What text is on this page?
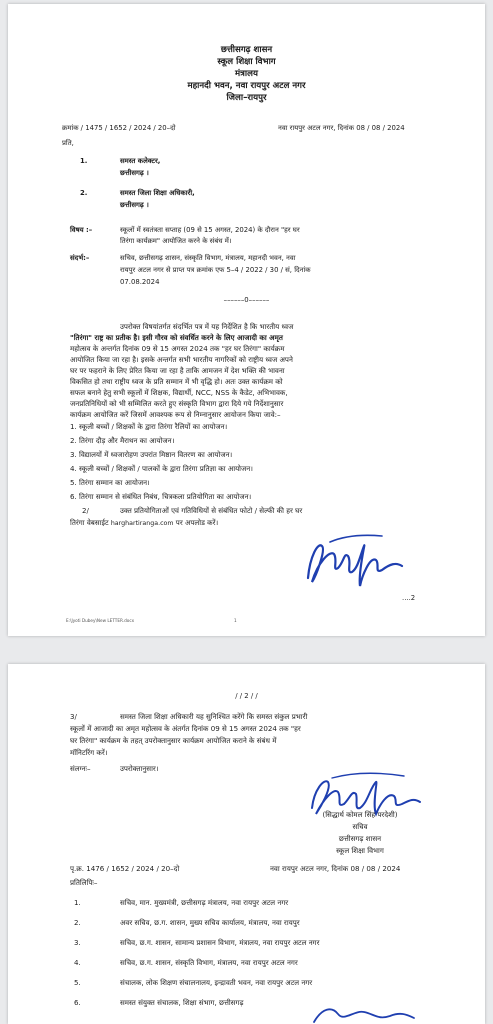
छत्तीसगढ़ शासन
स्कूल शिक्षा विभाग
मंत्रालय
महानदी भवन, नवा रायपुर अटल नगर
जिला–रायपुर
क्रमांक / 1475 / 1652 / 2024 / 20–दो	नवा रायपुर अटल नगर, दिनांक 08 / 08 / 2024
प्रति,
1.	समस्त कलेक्टर,
छत्तीसगढ़ ।
2.	समस्त जिला शिक्षा अधिकारी,
छत्तीसगढ़ ।
विषय :–	स्कूलों में स्वतंत्रता सप्ताह (09 से 15 अगस्त, 2024) के दौरान "हर घर
तिरंगा कार्यक्रम" आयोजित करने के संबंध में।
संदर्भ:–	सचिव, छत्तीसगढ़ शासन, संस्कृति विभाग, मंत्रालय, महानदी भवन, नवा
रायपुर अटल नगर से प्राप्त पत्र क्रमांक एफ 5–4 / 2022 / 30 / सं, दिनांक
07.08.2024
––––––0––––––
उपरोक्त विषयांतर्गत संदर्भित पत्र में यह निर्देशित है कि भारतीय ध्वज
"तिरंगा" राष्ट्र का प्रतीक है। इसी गौरव को संवर्धित करने के लिए आजादी का अमृत
महोत्सव के अन्तर्गत दिनांक 09 से 15 अगस्त 2024 तक "हर घर तिरंगा" कार्यक्रम
आयोजित किया जा रहा है। इसके अन्तर्गत सभी भारतीय नागरिकों को राष्ट्रीय ध्वज अपने
घर पर फहराने के लिए प्रेरित किया जा रहा है ताकि आमजन में देश भक्ति की भावना
विकसित हो तथा राष्ट्रीय ध्वज के प्रति सम्मान में भी वृद्धि हो। अतः उक्त कार्यक्रम को
सफल बनाने हेतु सभी स्कूलों में शिक्षक, विद्यार्थी, NCC, NSS के कैडेट, अभिभावक,
जनप्रतिनिधियों को भी सम्मिलित करते हुए संस्कृति विभाग द्वारा दिये गये निर्देशानुसार
कार्यक्रम आयोजित करें जिसमें आवश्यक रूप से निम्नानुसार आयोजन किया जावे:–
1. स्कूली बच्चों / शिक्षकों के द्वारा तिरंगा रैलियों का आयोजन।
2. तिरंगा दौड़ और मैराथन का आयोजन।
3. विद्यालयों में ध्वजारोहण उपरांत मिष्ठान वितरण का आयोजन।
4. स्कूली बच्चों / शिक्षकों / पालकों के द्वारा तिरंगा प्रतिज्ञा का आयोजन।
5. तिरंगा सम्मान का आयोजन।
6. तिरंगा सम्मान से संबंधित निबंध, चित्रकला प्रतियोगिता का आयोजन।
2/	उक्त प्रतियोगिताओं एवं गतिविधियों से संबंधित फोटो / सेल्फी की हर घर
तिरंगा वेबसाईट harghartiranga.com पर अपलोड करें।
....2
E:\Jyoti Dubey\New LETTER.docx	1
/ / 2 / /
3/	समस्त जिला शिक्षा अधिकारी यह सुनिश्चित करेंगे कि समस्त संकुल प्रभारी
स्कूलों में आजादी का अमृत महोत्सव के अंतर्गत दिनांक 09 से 15 अगस्त 2024 तक "हर
घर तिरंगा" कार्यक्रम के तहत् उपरोक्तानुसार कार्यक्रम आयोजित कराने के संबंध में
मॉनिटरिंग करें।
संलग्नः–	उपरोक्तानुसार।
(सिद्धार्थ कोमल सिंह परदेशी)
सचिव
छत्तीसगढ़ शासन
स्कूल शिक्षा विभाग
पृ.क्र. 1476 / 1652 / 2024 / 20–दो	नवा रायपुर अटल नगर, दिनांक 08 / 08 / 2024
प्रतिलिपिः–
1.	सचिव, मान. मुख्यमंत्री, छत्तीसगढ़ मंत्रालय, नवा रायपुर अटल नगर
2.	अवर सचिव, छ.ग. शासन, मुख्य सचिव कार्यालय, मंत्रालय, नवा रायपुर
3.	सचिव, छ.ग. शासन, सामान्य प्रशासन विभाग, मंत्रालय, नवा रायपुर अटल नगर
4.	सचिव, छ.ग. शासन, संस्कृति विभाग, मंत्रालय, नवा रायपुर अटल नगर
5.	संचालक, लोक शिक्षण संचालनालय, इन्द्रावती भवन, नवा रायपुर अटल नगर
6.	समस्त संयुक्त संचालक, शिक्षा संभाग, छत्तीसगढ़
